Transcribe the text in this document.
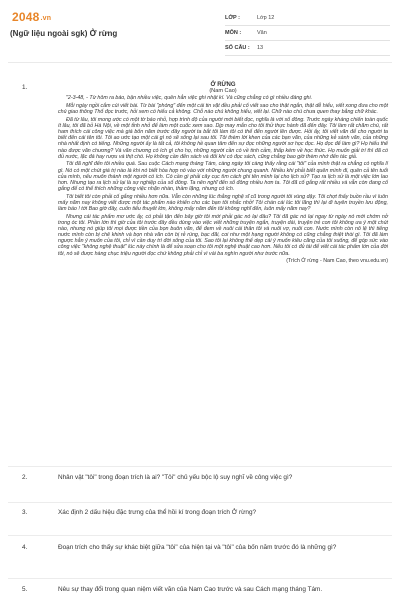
2048.vn
(Ngữ liệu ngoài sgk) Ở rừng
LỚP :	Lớp 12
MÔN :	Văn
SỐ CÂU :	13
1.	Ở RỪNG
(Nam Cao)

"2-3-48, - Từ hôm ra báo, bận nhiều việc, quên hẳn việc ghi nhật kí. Và cũng chẳng có gì nhiều đáng ghi.

Mỗi ngày ngồi cắm cúi viết bài. Từ bài "phóng" đến một cái tin vặt đều phải cố viết sao cho thật ngắn, thật dễ hiểu, viết xong đưa cho một chú giao thông Thổ đọc trước, hỏi xem có hiểu cả không. Chỗ nào chú không hiểu, viết lại. Chữ nào chú chưa quen thay bằng chữ khác.

Đã từ lâu, tôi mong ước có một tờ báo nhỏ, hợp trình độ của người mới biết đọc, nghĩa là với số đông. Trước ngày kháng chiến toàn quốc ít lâu, tôi đã bỏ Hà Nội, về một tỉnh nhỏ để làm một cuốc xem sao. Dịp may mắn cho tôi thử thực hành đã đến đây. Tôi làm rất chăm chú, rất ham thích cái công việc mà giá bốn năm trước đây người ta bắt tôi làm tôi có thể đến người lên được. Hồi ấy, tôi viết văn để cho người ta biết đến cái tên tôi. Tôi ao ước tạo một cái gì nó sẽ sống lại sau tôi. Tôi thèm lời khen của các bạn văn, của những kẻ sành văn, của những nhà nhất định có tiếng. Những người ấy là tất cả, tôi không hề quan tâm đến sự đọc những người sơ học đọc. Họ đọc để làm gì? Họ hiểu thế nào được văn chương? Và văn chương có ích gì cho họ, những người cần có về tinh cảm, thấp kém về học thức. Họ muốn giải trí thì đã có đủ nước, lặc đá hay rượu và thịt chó. Họ không cần đến sách và đối khi có đọc sách, cũng chẳng bao giờ thèm nhớ đến tác giả.

Tôi đã nghĩ đến tôi nhiều quá. Sau cuộc Cách mạng tháng Tám, càng ngày tôi càng thấy rằng cái "tôi" của mình thật ra chẳng có nghĩa lí gì. Nó có một chút giá trị nào là khi nó biết hòa hợp nó vào với những người chung quanh. Nhiều khi phải biết quên mình đi, quên cả tên tuổi của mình, nếu muốn thành một người có ích. Có cần gì phải cây cục tìm cách ghi tên mình lại cho lịch sử? Tạo ra lịch sử là một việc lớn lao hơn. Nhưng tạo ra lịch sử lại là sự nghiệp của số đông. Ta nên nghĩ đến số đông nhiều hơn ta. Tôi đã cố gắng rất nhiều và vẫn còn đang cố gắng để có thể thích những công việc nhặn nhàn, thầm lặng, nhưng có ích.

Tôi biết tôi còn phải cố gắng nhiều hơn nữa. Vẫn còn những lúc thằng nghệ sĩ cũ trong người tôi vùng dậy. Tôi chợt thấy buồn rầu vì luôn mấy năm nay không viết được một tác phẩm nào khiến cho các bạn tôi nhắc nhở! Tôi chán cái lúc tôi lăng thì lại đi tuyên truyền lưu động, làm báo ! tới Bao giờ đây, cuốn tiểu thuyết lớn, không mấy năm đến tôi không nghĩ đến, luôn mấy năm nay?

Nhưng cái tác phẩm mơ ước ấy, có phải tận đến bây giờ tôi mới phải gác nó lại đâu? Tôi đã gác nó lại ngay từ ngày nó mới chớm nở trong óc tôi. Phần lớn thì giờ của tôi trước đây đều dùng vào việc viết những truyện ngắn, truyện dài, truyện trẻ con tôi không ưa ý một chút nào, nhưng nó giúp tôi mọi được tiền của bọn buôn văn, để đem về nuôi cái thân tôi và nuôi vợ, nuôi con. Nước mình còn nô lệ thì tiếng nước mình còn bị chê khinh và bọn nhà văn còn bị rẻ rúng, bạc đãi, coi như một hạng người không có cũng chẳng thiệt thòi gì. Tôi đã làm ngược hẳn ý muốn của tôi, chỉ vì cần duy trì đời sống của tôi. Sao tôi lại không thể dẹp cái ý muốn kiêu căng của tôi xuống, để góp sức vào công việc "không nghệ thuật" lúc này chính là để sửa soạn cho tôi một nghệ thuật cao hơn. Nếu tôi có đủ tài để viết cái tác phẩm lớn của đời tôi, nó sẽ được hàng chục triệu người đọc chứ không phải chỉ vì vài ba nghìn người như trước nữa.

(Trích Ở rừng - Nam Cao, theo vnu.edu.vn)
2.	Nhân vật "tôi" trong đoạn trích là ai? "Tôi" chủ yếu bộc lộ suy nghĩ về công việc gì?
3.	Xác định 2 dấu hiệu đặc trưng của thể hồi kí trong đoạn trích Ở rừng?
4.	Đoạn trích cho thấy sự khác biệt giữa "tôi" của hiện tại và "tôi" của bốn năm trước đó là những gì?
5.	Nêu sự thay đổi trong quan niệm viết văn của Nam Cao trước và sau Cách mạng tháng Tám.
